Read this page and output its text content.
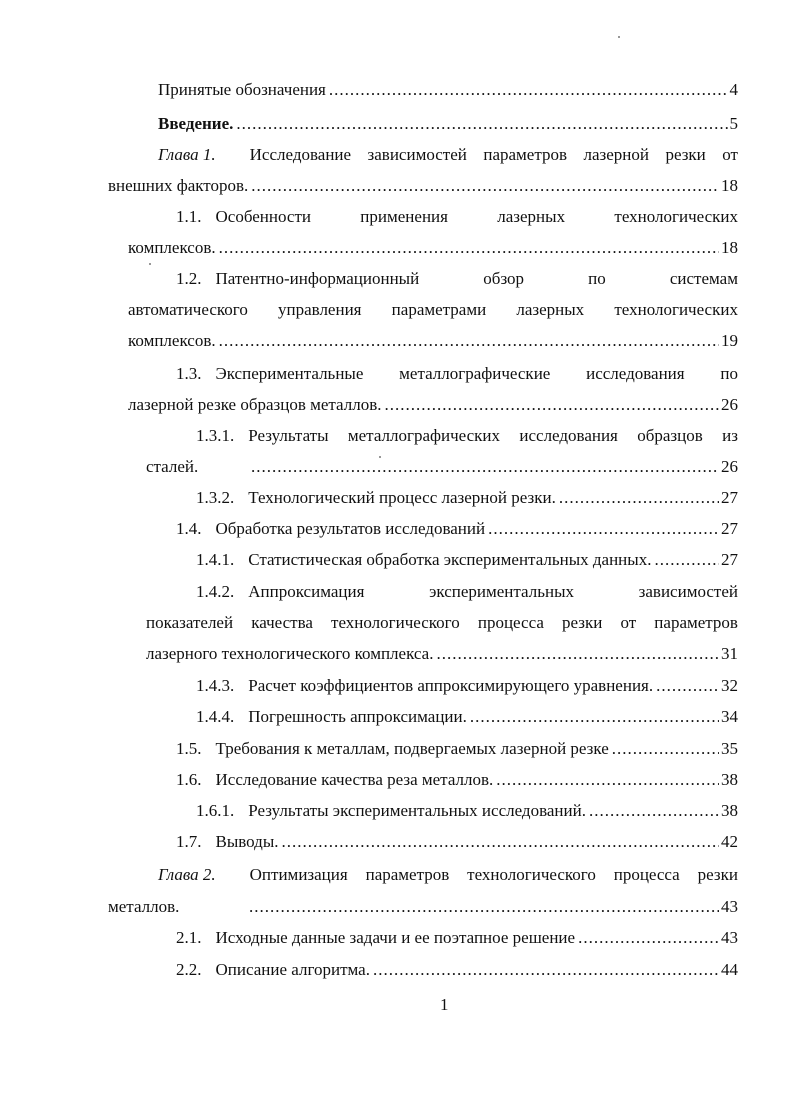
Принятые обозначения .....	4
Введение. .....	5
Глава 1. Исследование зависимостей параметров лазерной резки от
внешних факторов. .....	18
1.1. Особенности	применения	лазерных	технологических
комплексов. .....	18
1.2. Патентно-информационный	обзор	по	системам
автоматического управления параметрами лазерных технологических
комплексов. .....	19
1.3. Экспериментальные металлографические исследования по
лазерной резке образцов металлов. .....	26
1.3.1. Результаты металлографических исследования образцов из
сталей. .....	26
1.3.2. Технологический процесс лазерной резки. .....	27
1.4. Обработка результатов исследований .....	27
1.4.1. Статистическая обработка экспериментальных данных. .....	27
1.4.2. Аппроксимация	экспериментальных	зависимостей
показателей качества технологического процесса резки от параметров
лазерного технологического комплекса. .....	31
1.4.3. Расчет коэффициентов аппроксимирующего уравнения. .....	32
1.4.4. Погрешность аппроксимации. .....	34
1.5. Требования к металлам, подвергаемых лазерной резке .....	35
1.6. Исследование качества реза металлов. .....	38
1.6.1. Результаты экспериментальных исследований. .....	38
1.7. Выводы. .....	42
Глава 2. Оптимизация параметров технологического процесса резки
металлов. .....	43
2.1. Исходные данные задачи и ее поэтапное решение .....	43
2.2. Описание алгоритма. .....	44
1
